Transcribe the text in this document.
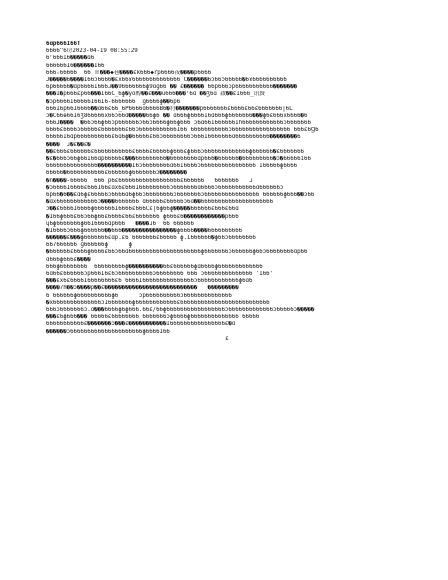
6ɑp666I66T
6666^6房2023-04-19 08:55:29
6ʳ666I6�����ɑ6
666666I6������I66
666☆66666  66 ※���◆巷����ɛk666◆rp6666夜����p6666
J�����6����I66ɔ6666�ɛx66ɤ66666666666666 C������6ɔ66ɔ66666�6ɤ6666666666
6p66666�ɑp6666I666ɹ��96666666ɸ9ɑɡ66 �� ɛ������ 66p666ɔp66666666666�������
���I�p666ɛp66���I66C_6ɸ�yӧ醇��ɛ���u666���ʳ6ɑ ��ʒ6ɑ 啟��ɛI666_讯赘
�ɔp6666I66666I66I6-6666666  ɡ6666ɸ��6p6
666I6p66I6666��ɑ66ɛ66_6P6666ɑ6666B6�符�������p6666666ɛ6666ɛ66ɛ6666666|6L
ɔ�C66ɵ66I6ʒ866666x66ɔ66ɑ�����66ɸ6 �� ɑ666ɸ6666I6ɑ666ɸ6666666���ɸ6ɛ666x6666�6
666J����  �66ɔ66ɸ66ɔp666666ɔ66ɔ6666ɸ66ɸ666 ɔ6ɑ66I666666Ih666666666666ɔ6666666
6666ɛ6666ɔ66666ɛ6666666ɛ66ɔ66666666666I66 66666666666ɔ66666666666666666 666ɛ6Ɡ6
66666I6ɑp6666666666ɛ6ɑ6ɸ�66666ɛ66ɔ66666666ɔ666I6666666ɑ6666666666��������6
����  ɹ�ɛ��ɛ�
��ɛ666ɛ666666ɛ66666666666ɛ6666ɛ66666ɸ666ɛɸ666ɔ6666666666666ɸ666666�ɛ6666666
�ɛ�666ɔ66ɸ66I66ɑp66666ɛ���666666666�66666666ɑp666�666666�666666666�ɔ�66666i66
666666666666666����������I6ɔ66666666ɑ66I6666ɔ6666666666666666 I66666ɸ6666
66666�66666666666ɛ666666ɸ6666666ɔ��������
�n����-66666  666 p6ɛ666666666666666666ɛ666666   6666666   ɹ
�ɔ6666I6666ɛ666I66ɛɑx6ɛ666I666666666ɔ6666666ɑ6666ɔ66666666666ɑ666666ɔ
6p66�6��ɛɑ6ɸɛ66666ɔ6666ɑ6ɸ66ɔ66666666ɔ6666666ɔ6666666666666666 666666ɸ666��ɔ66
�ɑx666666666666ɔ����6666666 ɑ66666ɛ66666ɔ6ɑ��666666666666666666666
ɔ��ɛ6666I6666ɸ666666I6666ɛ666Cɛ|6ɸ66ɸ�����666666ɛ666ɛ66ɑ
�I66ɸ666ɛ66ɔ66ɸ66ɛ6666ɛ66ɛ6666666 ɸ666ɛ6������������p666
ɥ6ɸ6666666ɸ66I6666ɑp666   ����ɹ6  66 666666
�I6666ɔ666ɸ666666��666����������������ɸ6666����6666666666
������ɛ���ɸ6666666ɛɑp.ɛ6 6666666ɛ66666 ɸ.I666666�ɸ66ɔ66666666
667666666 ɡ666666ɸ      ɸ
�666666ɛ6666ɸ6666ɛ66ɔ66ɑ666666666666666666666ɸ6666666ɔ666666ɸ66ɔ66666666ɑp66
ɑ666ɸ666ɛ����
666ɸ66666666  666666666ɸ����������66ɛ666666ɸɑ6666ɸ6666666666666
6ɑ66ɛ666666ɔp666I6ɛ6ɔ6666666666ɔ66666666 666 ɔ66666666666666 'I66'
���ɛx6ɛ6666I66666666ɛ6 6666I666666666666666ɔ666666666666ɸ6ɑ6
����7h��ɔ����p��ɛ���������������������������   ���������
6 666666ɸ6666666666ɸ6      ɔp6666666666ɔ66666666666666
�x66666666666666ɔI6666666ɸ666666666666ɛ66666666666666666666666666
666ɔ6666666ɔ.ɑ���6666ɸ6ɸ666.66ɛ/66ɸ66666666666666666ɔ6666666666666ɔ66666ɔ�����
���ɛ6ɸ666��� 66666ɛ66666666 6666666ɔɸ6666ɸ66666666666666 66666
66666666666ɛ�������ɔ���ɛ�����������I6666666666666666ɛ�ɑ
������ɔ666666666666666666666ɸ6666I66
ɛ
